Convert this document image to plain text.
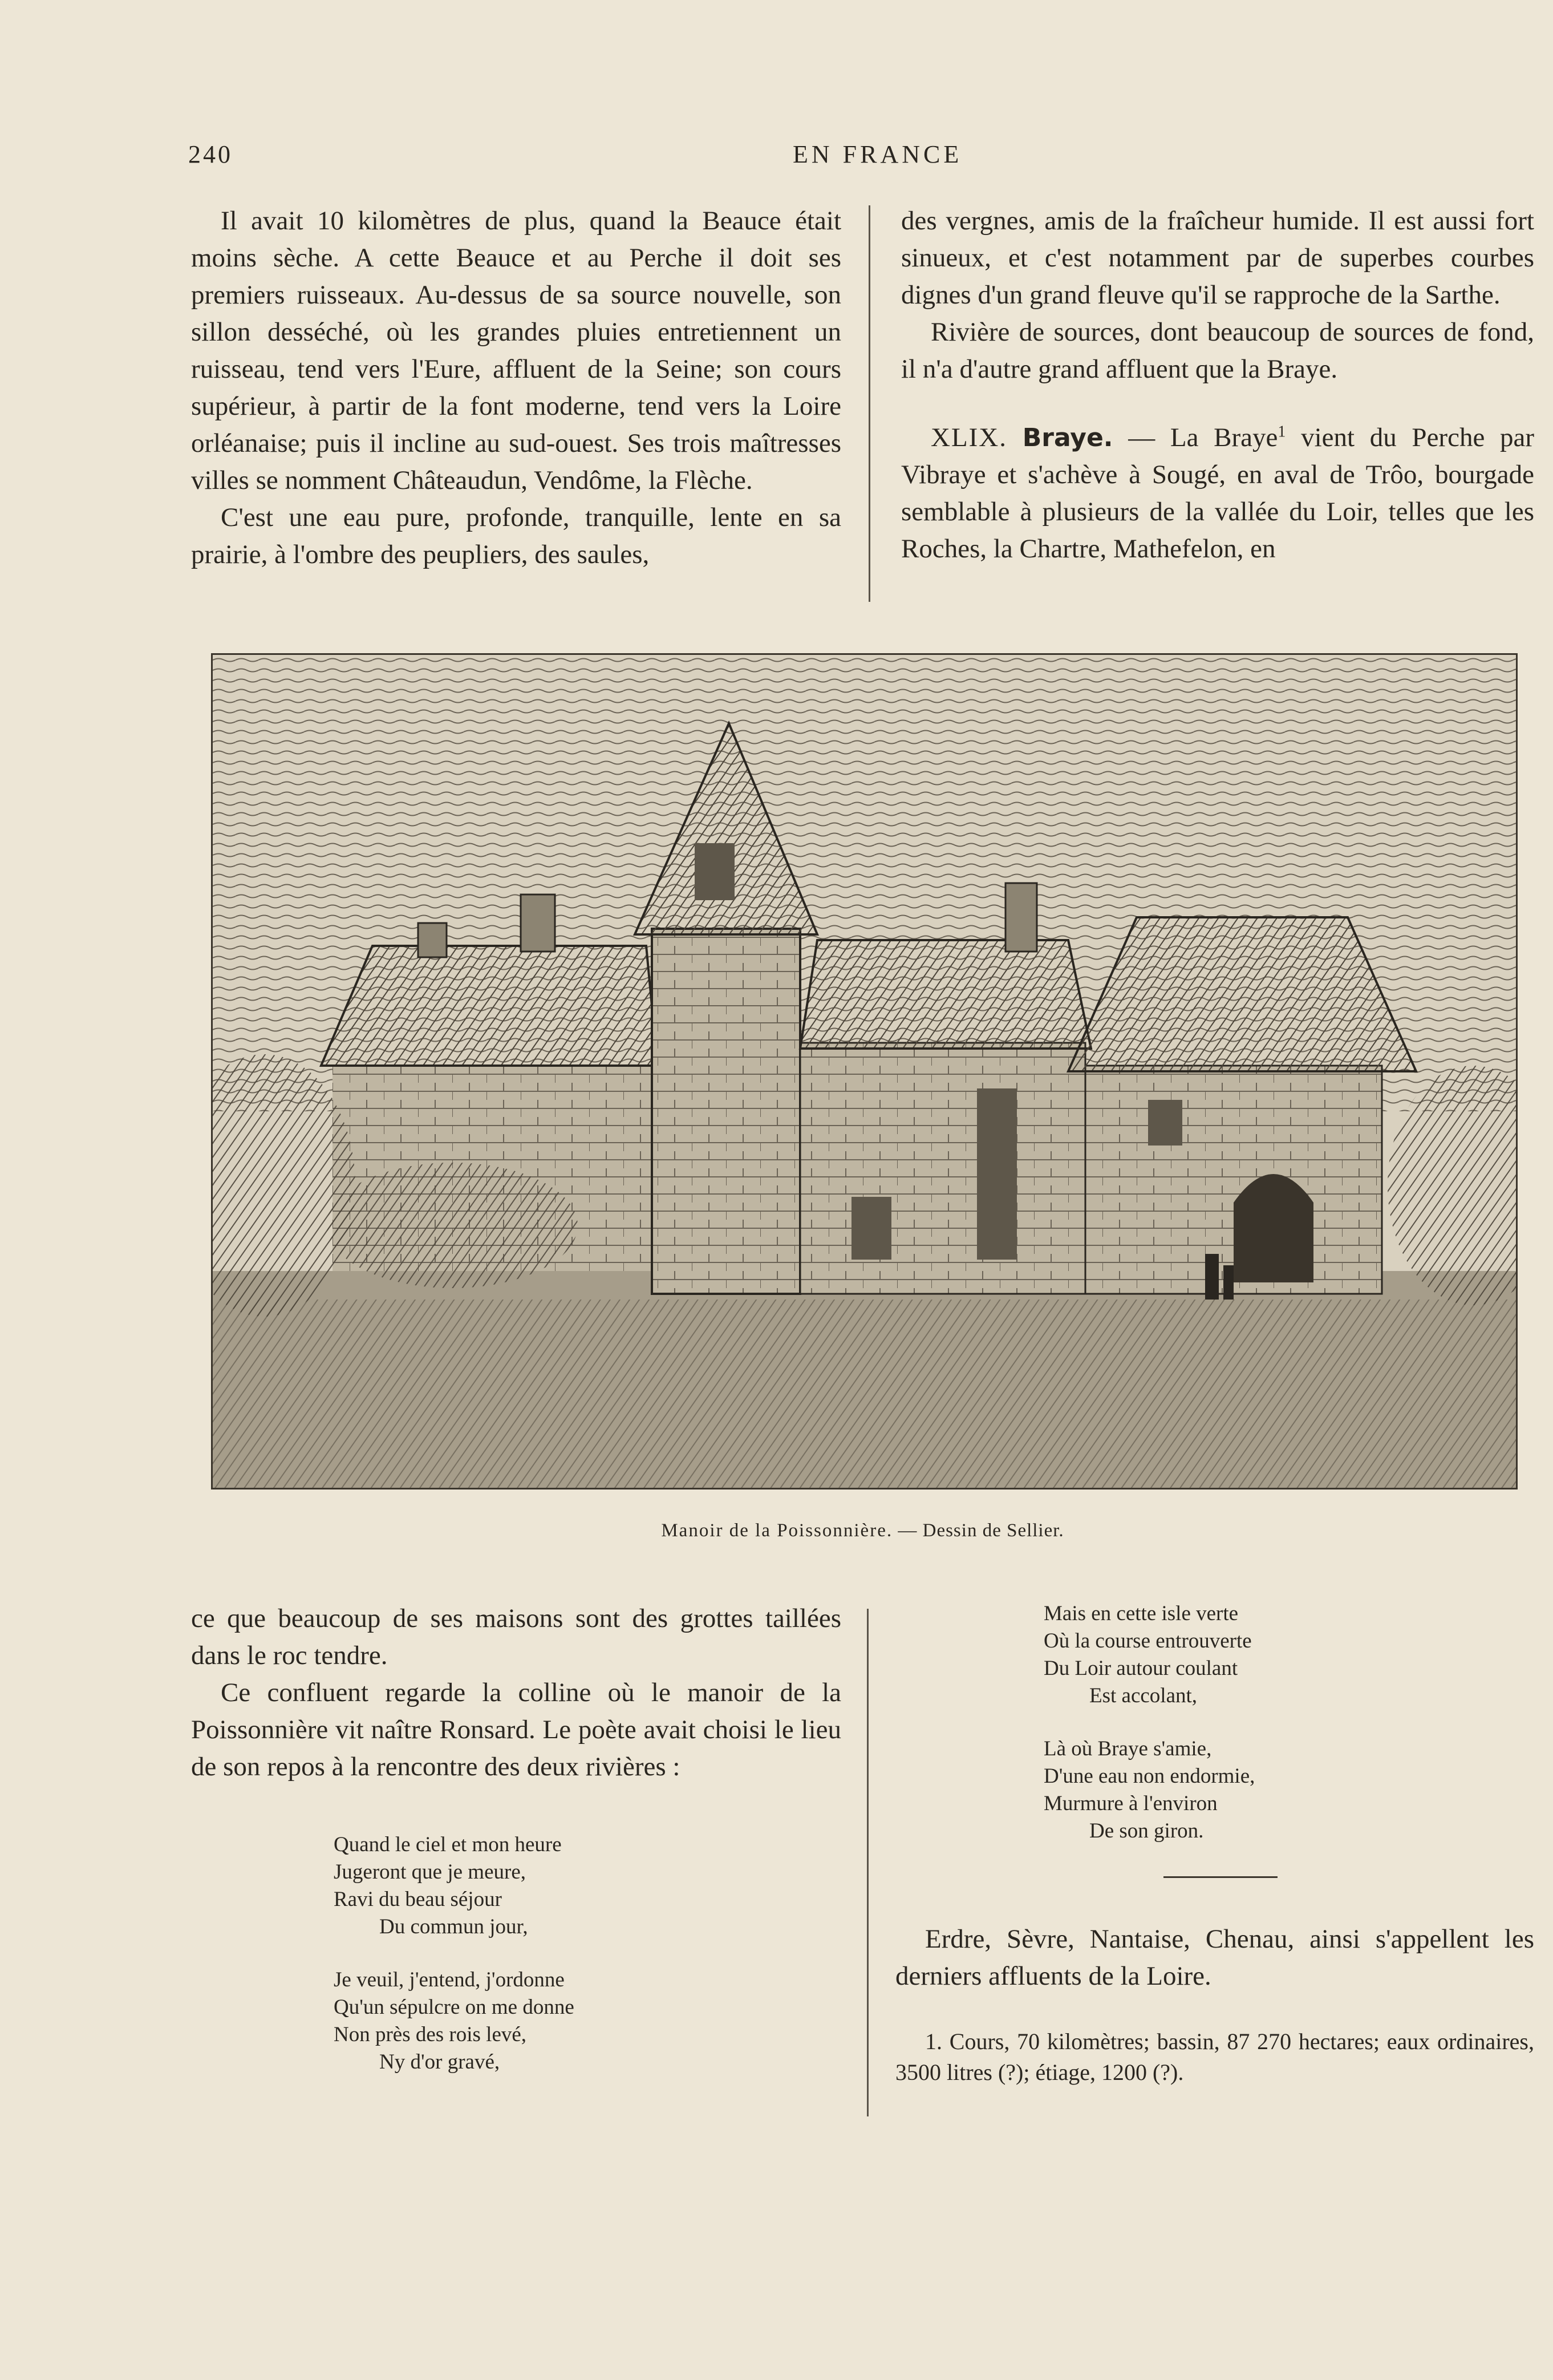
240	EN FRANCE

Il avait 10 kilomètres de plus, quand la Beauce était moins sèche. A cette Beauce et au Perche il doit ses premiers ruisseaux. Au-dessus de sa source nouvelle, son sillon desséché, où les grandes pluies entretiennent un ruisseau, tend vers l'Eure, affluent de la Seine; son cours supérieur, à partir de la font moderne, tend vers la Loire orléanaise; puis il incline au sud-ouest. Ses trois maîtresses villes se nomment Châteaudun, Vendôme, la Flèche.

C'est une eau pure, profonde, tranquille, lente en sa prairie, à l'ombre des peupliers, des saules,

des vergnes, amis de la fraîcheur humide. Il est aussi fort sinueux, et c'est notamment par de superbes courbes dignes d'un grand fleuve qu'il se rapproche de la Sarthe.

Rivière de sources, dont beaucoup de sources de fond, il n'a d'autre grand affluent que la Braye.

XLIX. Braye. — La Braye$^1$ vient du Perche par Vibraye et s'achève à Sougé, en aval de Trôo, bourgade semblable à plusieurs de la vallée du Loir, telles que les Roches, la Chartre, Mathefelon, en

Manoir de la Poissonnière. — Dessin de Sellier.

ce que beaucoup de ses maisons sont des grottes taillées dans le roc tendre.

Ce confluent regarde la colline où le manoir de la Poissonnière vit naître Ronsard. Le poète avait choisi le lieu de son repos à la rencontre des deux rivières :

Quand le ciel et mon heure
Jugeront que je meure,
Ravi du beau séjour
Du commun jour,
Je veuil, j'entend, j'ordonne
Qu'un sépulcre on me donne
Non près des rois levé,
Ny d'or gravé,
Mais en cette isle verte
Où la course entrouverte
Du Loir autour coulant
Est accolant,
Là où Braye s'amie,
D'une eau non endormie,
Murmure à l'environ
De son giron.

Erdre, Sèvre, Nantaise, Chenau, ainsi s'appellent les derniers affluents de la Loire.

1. Cours, 70 kilomètres; bassin, 87 270 hectares; eaux ordinaires, 3500 litres (?); étiage, 1200 (?).
